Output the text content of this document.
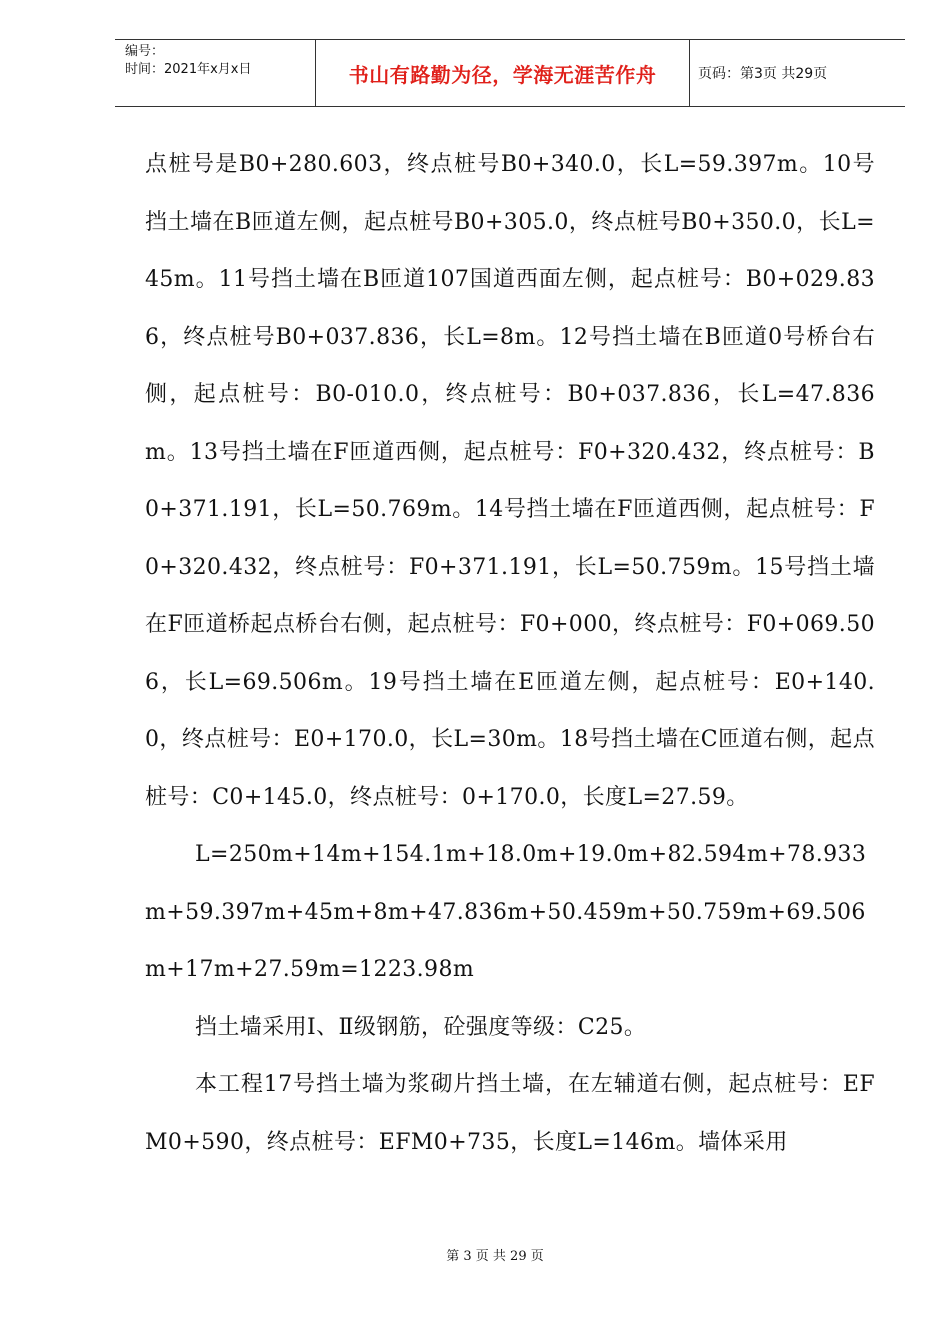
编号：
时间：2021年x月x日	书山有路勤为径，学海无涯苦作舟	页码：第3页 共29页

点桩号是B0+280.603，终点桩号B0+340.0，长L=59.397m。10号挡土墙在B匝道左侧，起点桩号B0+305.0，终点桩号B0+350.0，长L=45m。11号挡土墙在B匝道107国道西面左侧，起点桩号：B0+029.836，终点桩号B0+037.836，长L=8m。12号挡土墙在B匝道0号桥台右侧，起点桩号：B0-010.0，终点桩号：B0+037.836，长L=47.836m。13号挡土墙在F匝道西侧，起点桩号：F0+320.432，终点桩号：B0+371.191，长L=50.769m。14号挡土墙在F匝道西侧，起点桩号：F0+320.432，终点桩号：F0+371.191，长L=50.759m。15号挡土墙在F匝道桥起点桥台右侧，起点桩号：F0+000，终点桩号：F0+069.506，长L=69.506m。19号挡土墙在E匝道左侧，起点桩号：E0+140.0，终点桩号：E0+170.0，长L=30m。18号挡土墙在C匝道右侧，起点桩号：C0+145.0，终点桩号：0+170.0，长度L=27.59。

L=250m+14m+154.1m+18.0m+19.0m+82.594m+78.933m+59.397m+45m+8m+47.836m+50.459m+50.759m+69.506m+17m+27.59m=1223.98m

挡土墙采用Ⅰ、Ⅱ级钢筋，砼强度等级：C25。

本工程17号挡土墙为浆砌片挡土墙，在左辅道右侧，起点桩号：EFM0+590，终点桩号：EFM0+735，长度L=146m。墙体采用

第 3 页 共 29 页
